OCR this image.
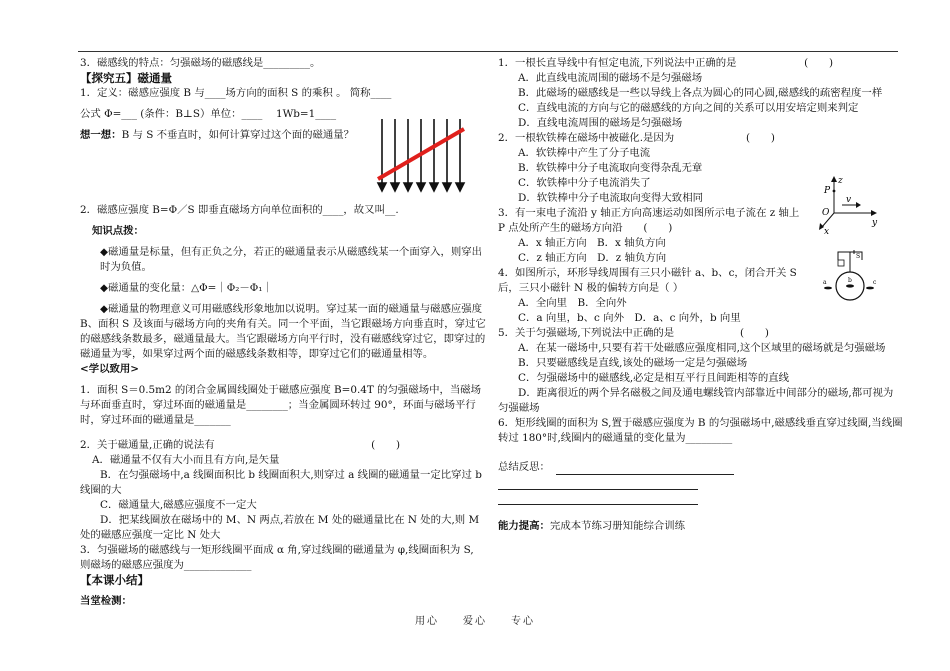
3．磁感线的特点：匀强磁场的磁感线是_________。

【探究五】磁通量

1．定义：磁感应强度 B 与____场方向的面积 S 的乘积 。 简称____

公式 Φ=___ (条件：B⊥S）单位：____　 1Wb=1____

想一想：B 与 S 不垂直时，如何计算穿过这个面的磁通量？

2．磁感应强度 B=Φ／S 即垂直磁场方向单位面积的____，故又叫__.

知识点拨：

◆磁通量是标量，但有正负之分，若正的磁通量表示从磁感线某一个面穿入，则穿出时为负值。

◆磁通量的变化量：△Φ=｜Φ₂－Φ₁｜

◆磁通量的物理意义可用磁感线形象地加以说明。穿过某一面的磁通量与磁感应强度 B、面积 S 及该面与磁场方向的夹角有关。同一个平面，当它跟磁场方向垂直时，穿过它的磁感线条数最多，磁通量最大。当它跟磁场方向平行时，没有磁感线穿过它，即穿过的磁通量为零，如果穿过两个面的磁感线条数相等，即穿过它们的磁通量相等。

<学以致用>

1．面积 S＝0.5m2 的闭合金属圆线圈处于磁感应强度 B=0.4T 的匀强磁场中，当磁场与环面垂直时，穿过环面的磁通量是________；当金属圆环转过 90°，环面与磁场平行时，穿过环面的磁通量是_______

2．关于磁通量,正确的说法有	(　　)

A．磁通量不仅有大小而且有方向,是矢量

B．在匀强磁场中,a 线圈面积比 b 线圈面积大,则穿过 a 线圈的磁通量一定比穿过 b 线圈的大

C．磁通量大,磁感应强度不一定大

D．把某线圈放在磁场中的 M、N 两点,若放在 M 处的磁通量比在 N 处的大,则 M 处的磁感应强度一定比 N 处大

3．匀强磁场的磁感线与一矩形线圈平面成 α 角,穿过线圈的磁通量为 φ,线圈面积为 S,　则磁场的磁感应强度为_____________

【本课小结】

当堂检测：

1．一根长直导线中有恒定电流,下列说法中正确的是	(　　)

A．此直线电流周围的磁场不是匀强磁场

B．此磁场的磁感线是一些以导线上各点为圆心的同心圆,磁感线的疏密程度一样

C．直线电流的方向与它的磁感线的方向之间的关系可以用安培定则来判定

D．直线电流周围的磁场是匀强磁场

2．一根软铁棒在磁场中被磁化.是因为	(　　)

A．软铁棒中产生了分子电流

B．软铁棒中分子电流取向变得杂乱无章

C．软铁棒中分子电流消失了

D．软铁棒中分子电流取向变得大致相同

3．有一束电子流沿 y 轴正方向高速运动如图所示电子流在 z 轴上 P 点处所产生的磁场方向沿　　 (　　)

A．x 轴正方向　B．x 轴负方向

C．z 轴正方向　D．z 轴负方向

4．如图所示，环形导线周围有三只小磁针 a、b、c，闭合开关 S 后，三只小磁针 N 极的偏转方向是（ ）

A．全向里　B．全向外

C．a 向里，b、c 向外　D．a、c 向外，b 向里

5．关于匀强磁场,下列说法中正确的是	(　　)

A．在某一磁场中,只要有若干处磁感应强度相同,这个区域里的磁场就是匀强磁场

B．只要磁感线是直线,该处的磁场一定是匀强磁场

C．匀强磁场中的磁感线,必定是相互平行且间距相等的直线

D．距离很近的两个异名磁极之间及通电螺线管内部靠近中间部分的磁场,都可视为匀强磁场

6．矩形线圈的面积为 S,置于磁感应强度为 B 的匀强磁场中,磁感线垂直穿过线圈,当线圈转过 180°时,线圈内的磁通量的变化量为_________

总结反思：

能力提高：完成本节练习册知能综合训练

P
z
O
v
y
x
S
b
a	c
用心　　爱心　　专心
